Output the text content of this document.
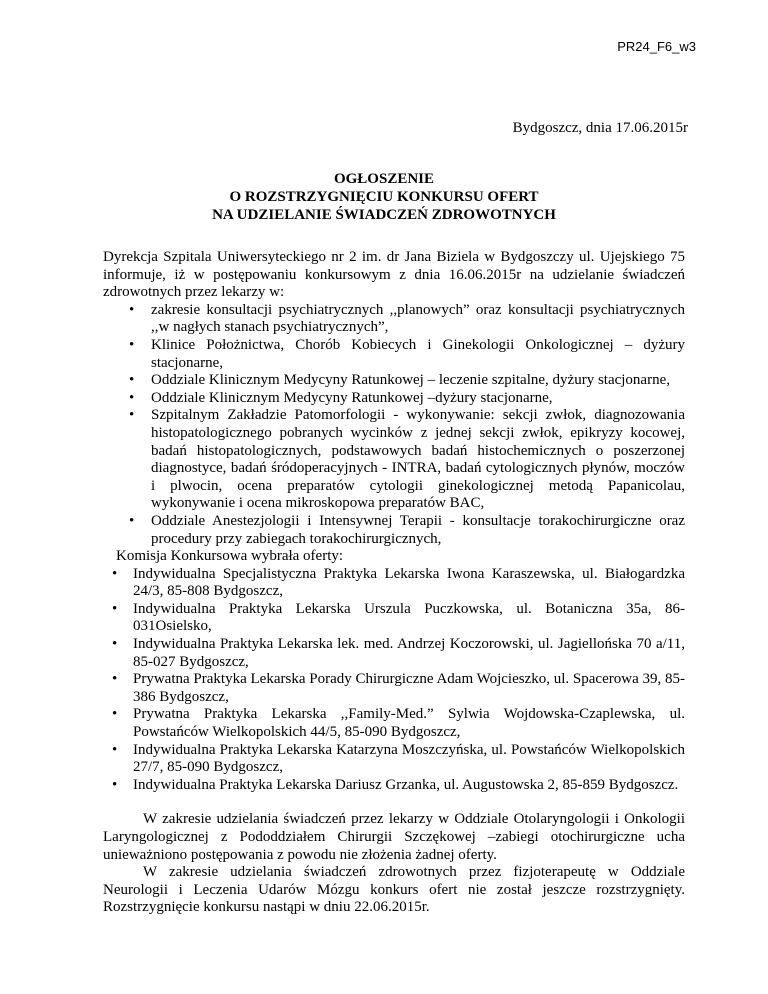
PR24_F6_w3
Bydgoszcz, dnia 17.06.2015r
OGŁOSZENIE
O ROZSTRZYGNIĘCIU KONKURSU OFERT
NA UDZIELANIE ŚWIADCZEŃ ZDROWOTNYCH

Dyrekcja Szpitala Uniwersyteckiego nr 2 im. dr Jana Biziela w Bydgoszczy ul. Ujejskiego 75 informuje, iż w postępowaniu konkursowym z dnia 16.06.2015r na udzielanie świadczeń zdrowotnych przez lekarzy w:

• zakresie konsultacji psychiatrycznych ,,planowych” oraz konsultacji psychiatrycznych ,,w nagłych stanach psychiatrycznych”,
• Klinice Położnictwa, Chorób Kobiecych i Ginekologii Onkologicznej – dyżury stacjonarne,
• Oddziale Klinicznym Medycyny Ratunkowej – leczenie szpitalne, dyżury stacjonarne,
• Oddziale Klinicznym Medycyny Ratunkowej –dyżury stacjonarne,
• Szpitalnym Zakładzie Patomorfologii - wykonywanie: sekcji zwłok, diagnozowania histopatologicznego pobranych wycinków z jednej sekcji zwłok, epikryzy kocowej, badań histopatologicznych, podstawowych badań histochemicznych o poszerzonej diagnostyce, badań śródoperacyjnych - INTRA, badań cytologicznych płynów, moczów i plwocin, ocena preparatów cytologii ginekologicznej metodą Papanicolau, wykonywanie i ocena mikroskopowa preparatów BAC,
• Oddziale Anestezjologii i Intensywnej Terapii - konsultacje torakochirurgiczne oraz procedury przy zabiegach torakochirurgicznych,

Komisja Konkursowa wybrała oferty:

• Indywidualna Specjalistyczna Praktyka Lekarska Iwona Karaszewska, ul. Białogardzka 24/3, 85-808 Bydgoszcz,
• Indywidualna Praktyka Lekarska Urszula Puczkowska, ul. Botaniczna 35a, 86-031Osielsko,
• Indywidualna Praktyka Lekarska lek. med. Andrzej Koczorowski, ul. Jagiellońska 70 a/11, 85-027 Bydgoszcz,
• Prywatna Praktyka Lekarska Porady Chirurgiczne Adam Wojcieszko, ul. Spacerowa 39, 85-386 Bydgoszcz,
• Prywatna Praktyka Lekarska ,,Family-Med.” Sylwia Wojdowska-Czaplewska, ul. Powstańców Wielkopolskich 44/5, 85-090 Bydgoszcz,
• Indywidualna Praktyka Lekarska Katarzyna Moszczyńska, ul. Powstańców Wielkopolskich 27/7, 85-090 Bydgoszcz,
• Indywidualna Praktyka Lekarska Dariusz Grzanka, ul. Augustowska 2, 85-859 Bydgoszcz.

W zakresie udzielania świadczeń przez lekarzy w Oddziale Otolaryngologii i Onkologii Laryngologicznej z Pododdziałem Chirurgii Szczękowej –zabiegi otochirurgiczne ucha unieważniono postępowania z powodu nie złożenia żadnej oferty.

W zakresie udzielania świadczeń zdrowotnych przez fizjoterapeutę w Oddziale Neurologii i Leczenia Udarów Mózgu konkurs ofert nie został jeszcze rozstrzygnięty. Rozstrzygnięcie konkursu nastąpi w dniu 22.06.2015r.
